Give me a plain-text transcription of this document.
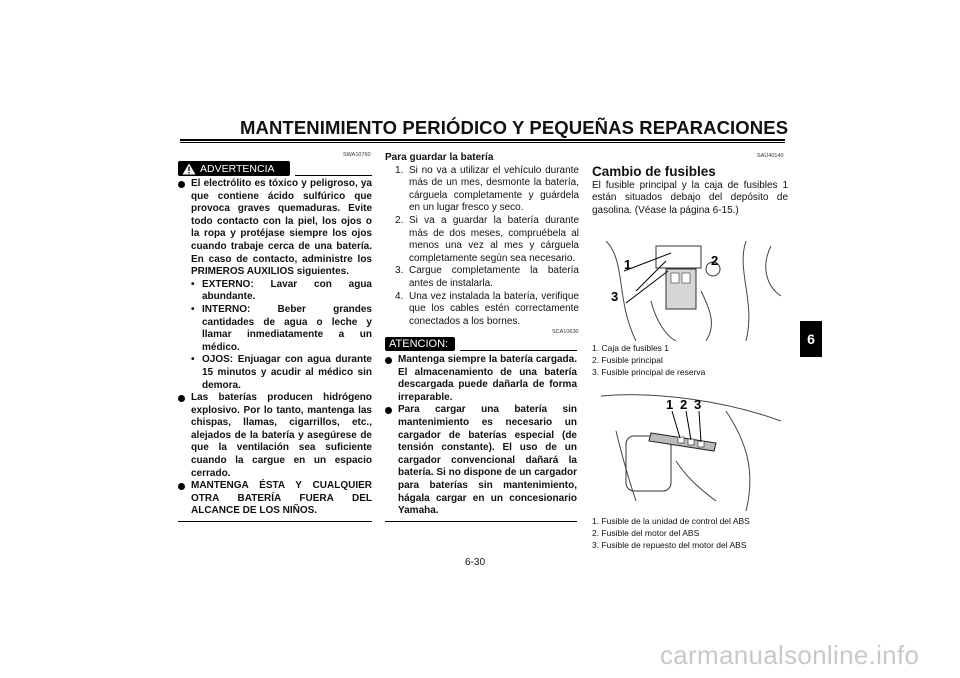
MANTENIMIENTO PERIÓDICO Y PEQUEÑAS REPARACIONES
SWA10760
ADVERTENCIA
El electrólito es tóxico y peligroso, ya que contiene ácido sulfúrico que provoca graves quemaduras. Evite todo contacto con la piel, los ojos o la ropa y protéjase siempre los ojos cuando trabaje cerca de una batería. En caso de contacto, administre los PRIMEROS AUXILIOS siguientes.
• EXTERNO: Lavar con agua abundante.
• INTERNO: Beber grandes cantidades de agua o leche y llamar inmediatamente a un médico.
• OJOS: Enjuagar con agua durante 15 minutos y acudir al médico sin demora.
Las baterías producen hidrógeno explosivo. Por lo tanto, mantenga las chispas, llamas, cigarrillos, etc., alejados de la batería y asegúrese de que la ventilación sea suficiente cuando la cargue en un espacio cerrado.
MANTENGA ÉSTA Y CUALQUIER OTRA BATERÍA FUERA DEL ALCANCE DE LOS NIÑOS.
Para guardar la batería
1. Si no va a utilizar el vehículo durante más de un mes, desmonte la batería, cárguela completamente y guárdela en un lugar fresco y seco.
2. Si va a guardar la batería durante más de dos meses, compruébela al menos una vez al mes y cárguela completamente según sea necesario.
3. Cargue completamente la batería antes de instalarla.
4. Una vez instalada la batería, verifique que los cables estén correctamente conectados a los bornes.
SCA10630
ATENCION:
Mantenga siempre la batería cargada. El almacenamiento de una batería descargada puede dañarla de forma irreparable.
Para cargar una batería sin mantenimiento es necesario un cargador de baterías especial (de tensión constante). El uso de un cargador convencional dañará la batería. Si no dispone de un cargador para baterías sin mantenimiento, hágala cargar en un concesionario Yamaha.
SAU40140
Cambio de fusibles
El fusible principal y la caja de fusibles 1 están situados debajo del depósito de gasolina. (Véase la página 6-15.)
1	2
3
1. Caja de fusibles 1
2. Fusible principal
3. Fusible principal de reserva
1 2 3
1. Fusible de la unidad de control del ABS
2. Fusible del motor del ABS
3. Fusible de repuesto del motor del ABS
6
6-30
carmanualsonline.info
